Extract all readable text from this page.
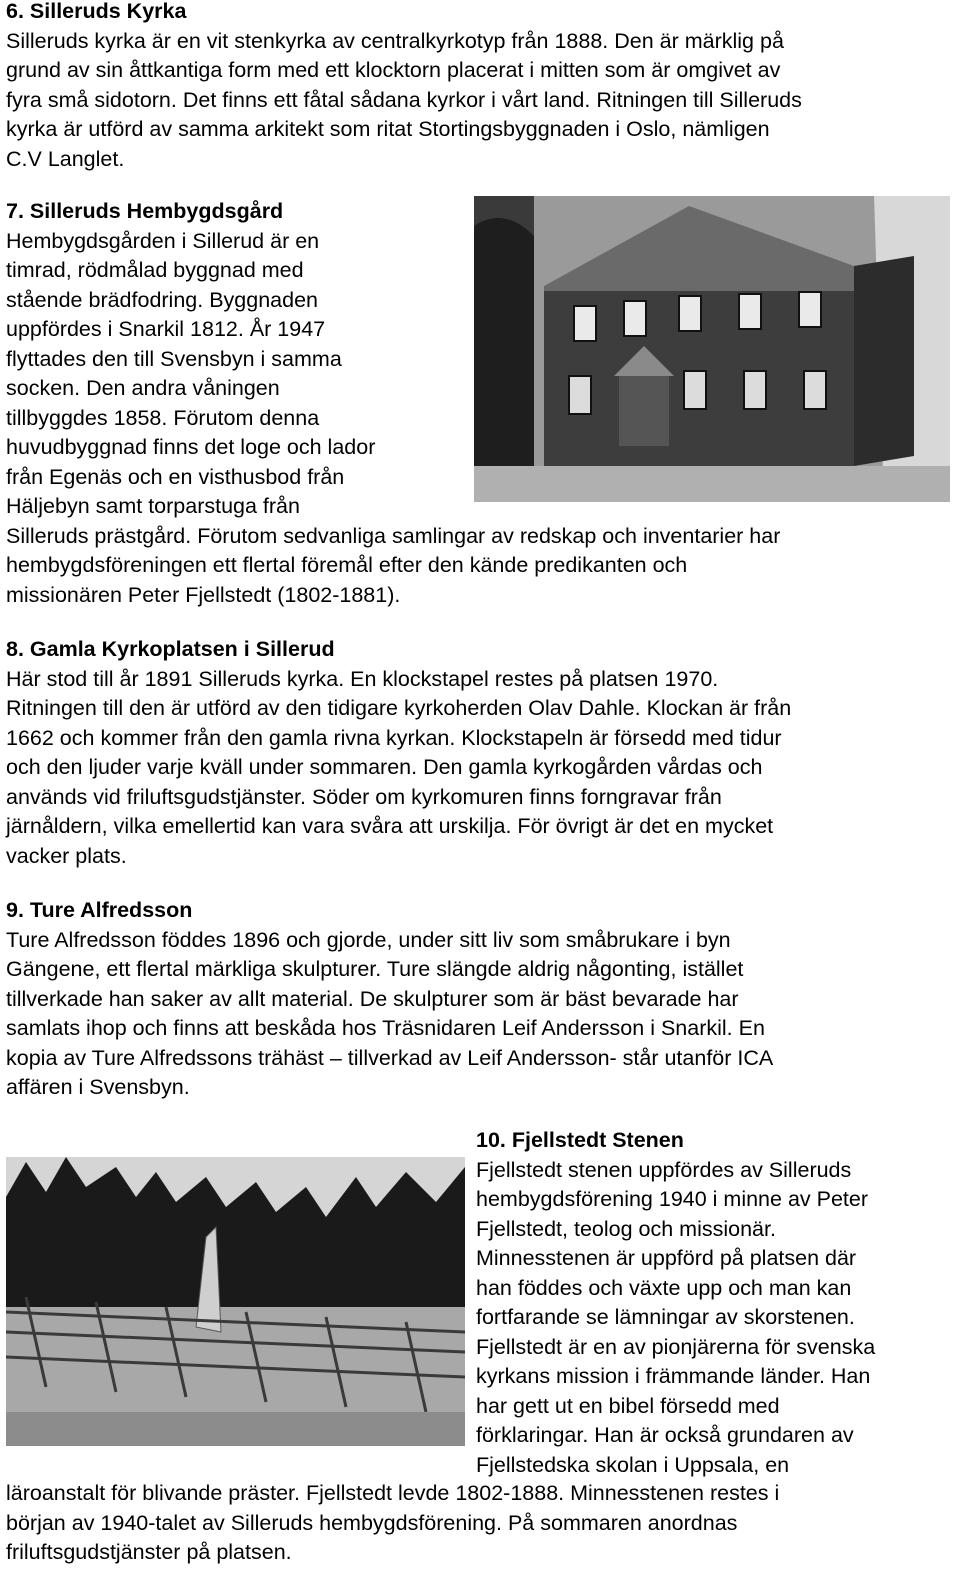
6. Silleruds Kyrka
Silleruds kyrka är en vit stenkyrka av centralkyrkotyp från 1888. Den är märklig på
grund av sin åttkantiga form med ett klocktorn placerat i mitten som är omgivet av
fyra små sidotorn. Det finns ett fåtal sådana kyrkor i vårt land. Ritningen till Silleruds
kyrka är utförd av samma arkitekt som ritat Stortingsbyggnaden i Oslo, nämligen
C.V Langlet.
7. Silleruds Hembygdsgård
Hembygdsgården i Sillerud är en
timrad, rödmålad byggnad med
stående brädfodring. Byggnaden
uppfördes i Snarkil 1812. År 1947
flyttades den till Svensbyn i samma
socken. Den andra våningen
tillbyggdes 1858. Förutom denna
huvudbyggnad finns det loge och lador
från Egenäs och en visthusbod från
Häljebyn samt torparstuga från
Silleruds prästgård. Förutom sedvanliga samlingar av redskap och inventarier har
hembygdsföreningen ett flertal föremål efter den kände predikanten och
missionären Peter Fjellstedt (1802-1881).
8. Gamla Kyrkoplatsen i Sillerud
Här stod till år 1891 Silleruds kyrka. En klockstapel restes på platsen 1970.
Ritningen till den är utförd av den tidigare kyrkoherden Olav Dahle. Klockan är från
1662 och kommer från den gamla rivna kyrkan. Klockstapeln är försedd med tidur
och den ljuder varje kväll under sommaren. Den gamla kyrkogården vårdas och
används vid friluftsgudstjänster. Söder om kyrkomuren finns forngravar från
järnåldern, vilka emellertid kan vara svåra att urskilja. För övrigt är det en mycket
vacker plats.
9. Ture Alfredsson
Ture Alfredsson föddes 1896 och gjorde, under sitt liv som småbrukare i byn
Gängene, ett flertal märkliga skulpturer. Ture slängde aldrig någonting, istället
tillverkade han saker av allt material. De skulpturer som är bäst bevarade har
samlats ihop och finns att beskåda hos Träsnidaren Leif Andersson i Snarkil. En
kopia av Ture Alfredssons trähäst – tillverkad av Leif Andersson- står utanför ICA
affären i Svensbyn.
10. Fjellstedt Stenen
Fjellstedt stenen uppfördes av Silleruds
hembygdsförening 1940 i minne av Peter
Fjellstedt, teolog och missionär.
Minnesstenen är uppförd på platsen där
han föddes och växte upp och man kan
fortfarande se lämningar av skorstenen.
Fjellstedt är en av pionjärerna för svenska
kyrkans mission i främmande länder. Han
har gett ut en bibel försedd med
förklaringar. Han är också grundaren av
Fjellstedska skolan i Uppsala, en
läroanstalt för blivande präster. Fjellstedt levde 1802-1888. Minnesstenen restes i
början av 1940-talet av Silleruds hembygdsförening. På sommaren anordnas
friluftsgudstjänster på platsen.
